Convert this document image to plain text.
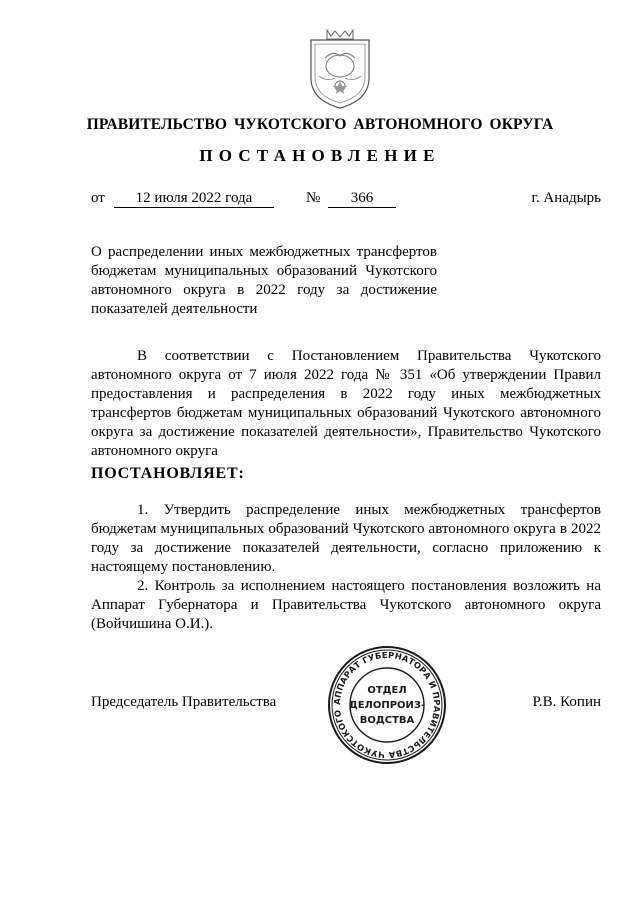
ПРАВИТЕЛЬСТВО ЧУКОТСКОГО АВТОНОМНОГО ОКРУГА
ПОСТАНОВЛЕНИЕ
от	12 июля 2022 года	№	366	г. Анадырь
О распределении иных межбюджетных трансфертов бюджетам муниципальных образований Чукотского автономного округа в 2022 году за достижение показателей деятельности
В соответствии с Постановлением Правительства Чукотского автономного округа от 7 июля 2022 года № 351 «Об утверждении Правил предоставления и распределения в 2022 году иных межбюджетных трансфертов бюджетам муниципальных образований Чукотского автономного округа за достижение показателей деятельности», Правительство Чукотского автономного округа
ПОСТАНОВЛЯЕТ:
1. Утвердить распределение иных межбюджетных трансфертов бюджетам муниципальных образований Чукотского автономного округа в 2022 году за достижение показателей деятельности, согласно приложению к настоящему постановлению.
2. Контроль за исполнением настоящего постановления возложить на Аппарат Губернатора и Правительства Чукотского автономного округа (Войчишина О.И.).
АППАРАТ ГУБЕРНАТОРА И ПРАВИТЕЛЬСТВА ЧУКОТСКОГО
ОТДЕЛ
ДЕЛОПРОИЗ-
ВОДСТВА
Председатель Правительства	Р.В. Копин
